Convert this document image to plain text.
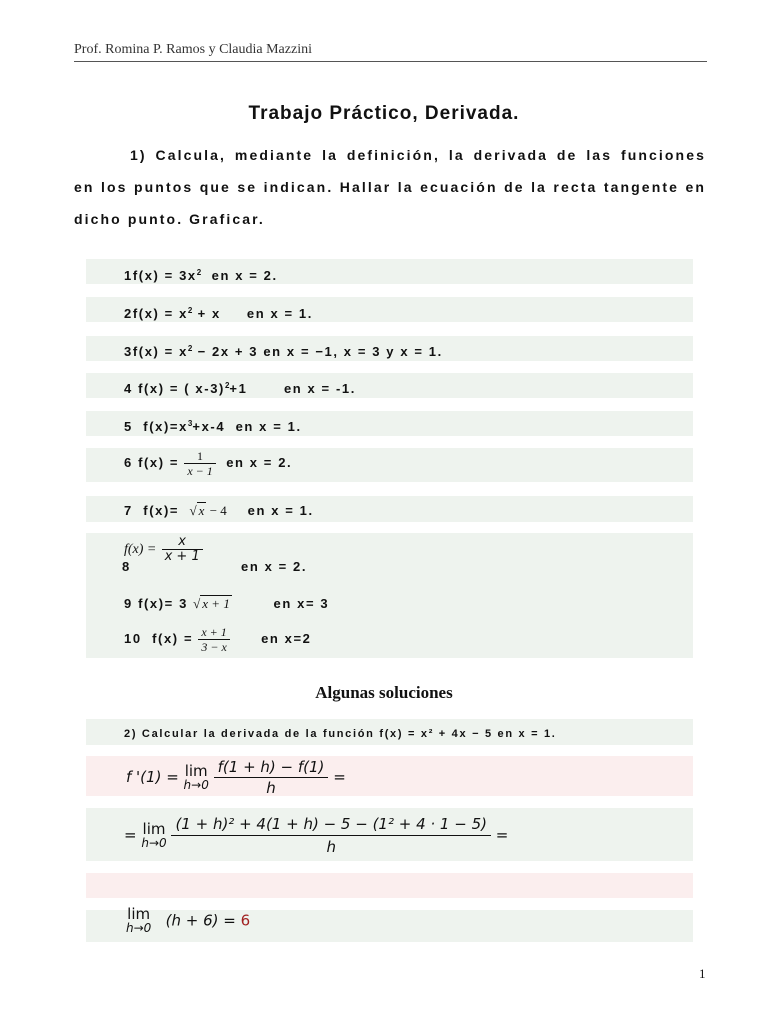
Prof. Romina P. Ramos y Claudia Mazzini
Trabajo Práctico, Derivada.
1) Calcula, mediante la definición, la derivada de las funciones en los puntos que se indican. Hallar la ecuación de la recta tangente en dicho punto. Graficar.
$1f(x) = 3x^2$ en x = 2.
$2f(x) = x^2 + x$ en x = 1.
$3f(x) = x^2 - 2x + 3$ en x = −1, x = 3 y x = 1.
4 f(x) = ( x-3)$^2$+1	en x = -1.
5 $f(x)=x^3+x-4$ en x = 1.
6 $f(x) = \frac{1}{x - 1}$ en x = 2.
7 f(x)= √ x − 4 en x = 1.
$f(x) = \frac{x}{x + 1}$
8	en x = 2.
9 f(x)= 3 √ x + 1	en x= 3
10 $f(x) = \frac{x + 1}{3 - x}$ en x=2
Algunas soluciones
2) Calcular la derivada de la función f(x) = x² + 4x − 5 en x = 1.
f '(1) = lim
h→0
$\frac{f(1 + h) - f(1)}{h}$ =
= lim
h→0
$\frac{\text{(1 + h)² + 4(1 + h) − 5 − (1² + 4 · 1 − 5)}}{h}$ =
lim
h→0 (h + 6) = 6
1
